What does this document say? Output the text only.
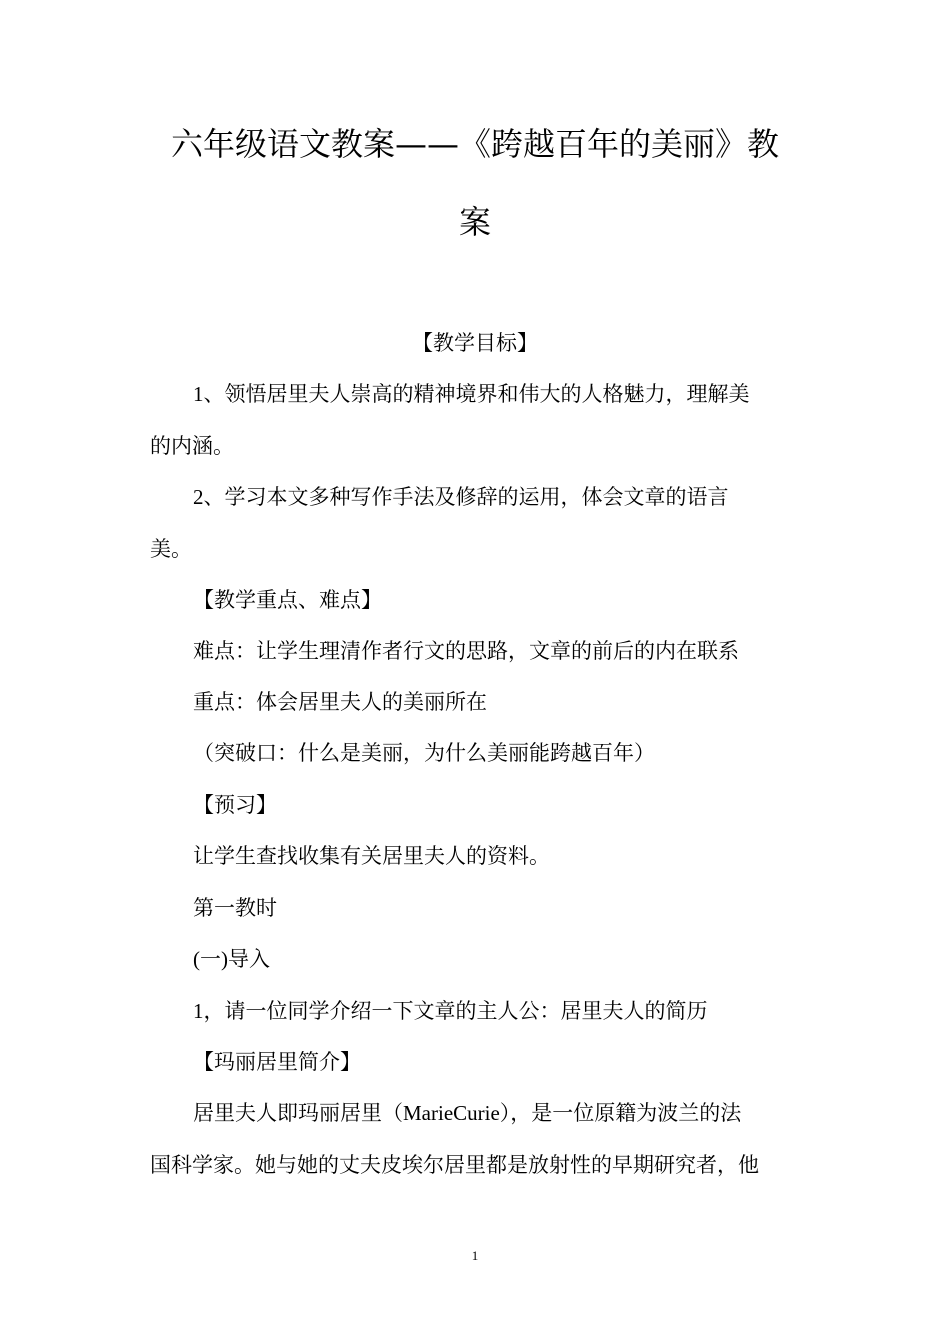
六年级语文教案——《跨越百年的美丽》教
案
【教学目标】
1、领悟居里夫人崇高的精神境界和伟大的人格魅力，理解美
的内涵。
2、学习本文多种写作手法及修辞的运用，体会文章的语言
美。
【教学重点、难点】
难点：让学生理清作者行文的思路，文章的前后的内在联系
重点：体会居里夫人的美丽所在
（突破口：什么是美丽，为什么美丽能跨越百年）
【预习】
让学生查找收集有关居里夫人的资料。
第一教时
(一)导入
1，请一位同学介绍一下文章的主人公：居里夫人的简历
【玛丽居里简介】
居里夫人即玛丽居里（MarieCurie），是一位原籍为波兰的法
国科学家。她与她的丈夫皮埃尔居里都是放射性的早期研究者，他
1
